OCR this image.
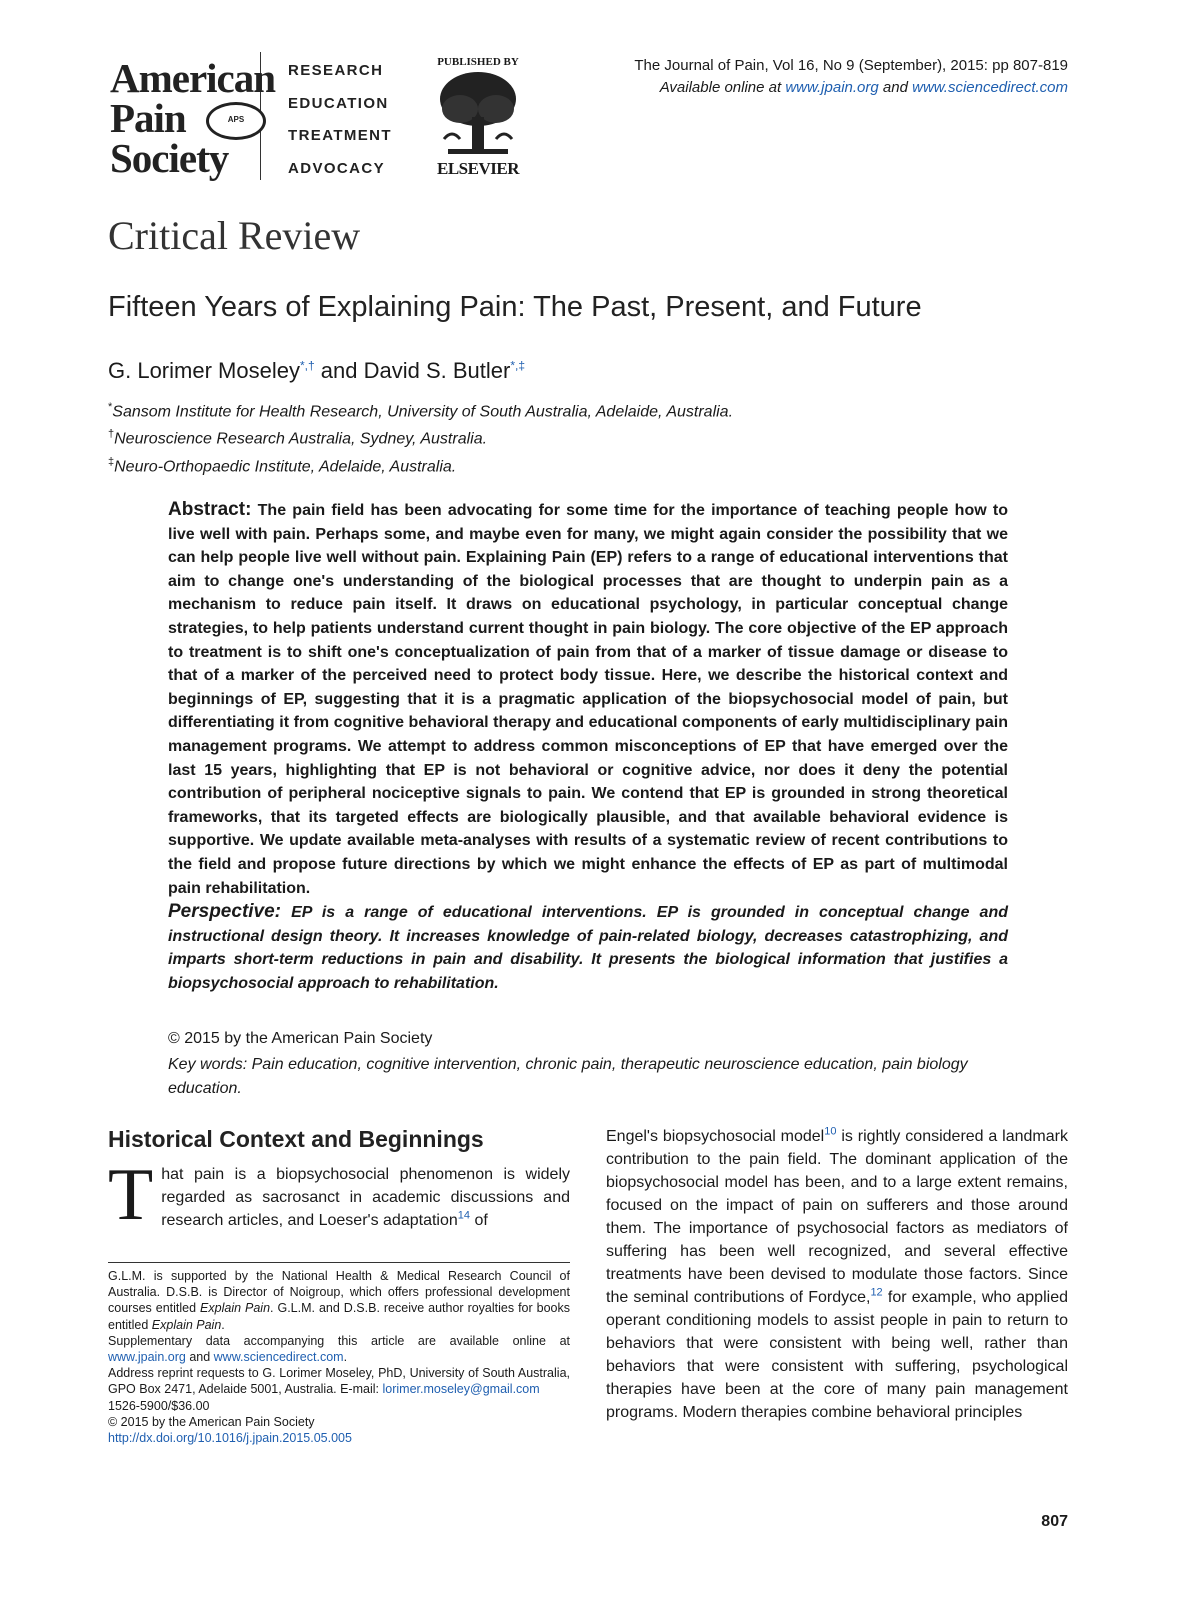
American
Pain
Society
APS
RESEARCH
EDUCATION
TREATMENT
ADVOCACY
PUBLISHED BY
ELSEVIER
The Journal of Pain, Vol 16, No 9 (September), 2015: pp 807-819
Available online at www.jpain.org and www.sciencedirect.com
Critical Review
Fifteen Years of Explaining Pain: The Past, Present, and Future
G. Lorimer Moseley*,† and David S. Butler*,‡
*Sansom Institute for Health Research, University of South Australia, Adelaide, Australia.
†Neuroscience Research Australia, Sydney, Australia.
‡Neuro-Orthopaedic Institute, Adelaide, Australia.
Abstract: The pain field has been advocating for some time for the importance of teaching people how to live well with pain. Perhaps some, and maybe even for many, we might again consider the possibility that we can help people live well without pain. Explaining Pain (EP) refers to a range of educational interventions that aim to change one's understanding of the biological processes that are thought to underpin pain as a mechanism to reduce pain itself. It draws on educational psychology, in particular conceptual change strategies, to help patients understand current thought in pain biology. The core objective of the EP approach to treatment is to shift one's conceptualization of pain from that of a marker of tissue damage or disease to that of a marker of the perceived need to protect body tissue. Here, we describe the historical context and beginnings of EP, suggesting that it is a pragmatic application of the biopsychosocial model of pain, but differentiating it from cognitive behavioral therapy and educational components of early multidisciplinary pain management programs. We attempt to address common misconceptions of EP that have emerged over the last 15 years, highlighting that EP is not behavioral or cognitive advice, nor does it deny the potential contribution of peripheral nociceptive signals to pain. We contend that EP is grounded in strong theoretical frameworks, that its targeted effects are biologically plausible, and that available behavioral evidence is supportive. We update available meta-analyses with results of a systematic review of recent contributions to the field and propose future directions by which we might enhance the effects of EP as part of multimodal pain rehabilitation.
Perspective: EP is a range of educational interventions. EP is grounded in conceptual change and instructional design theory. It increases knowledge of pain-related biology, decreases catastrophizing, and imparts short-term reductions in pain and disability. It presents the biological information that justifies a biopsychosocial approach to rehabilitation.
© 2015 by the American Pain Society
Key words: Pain education, cognitive intervention, chronic pain, therapeutic neuroscience education, pain biology education.
Historical Context and Beginnings
That pain is a biopsychosocial phenomenon is widely regarded as sacrosanct in academic discussions and research articles, and Loeser's adaptation$^{14}$ of

G.L.M. is supported by the National Health & Medical Research Council of Australia. D.S.B. is Director of Noigroup, which offers professional development courses entitled Explain Pain. G.L.M. and D.S.B. receive author royalties for books entitled Explain Pain.

Supplementary data accompanying this article are available online at www.jpain.org and www.sciencedirect.com.

Address reprint requests to G. Lorimer Moseley, PhD, University of South Australia, GPO Box 2471, Adelaide 5001, Australia. E-mail: lorimer.moseley@gmail.com

1526-5900/$36.00

© 2015 by the American Pain Society

http://dx.doi.org/10.1016/j.jpain.2015.05.005

Engel's biopsychosocial model$^{10}$ is rightly considered a landmark contribution to the pain field. The dominant application of the biopsychosocial model has been, and to a large extent remains, focused on the impact of pain on sufferers and those around them. The importance of psychosocial factors as mediators of suffering has been well recognized, and several effective treatments have been devised to modulate those factors. Since the seminal contributions of Fordyce,$^{12}$ for example, who applied operant conditioning models to assist people in pain to return to behaviors that were consistent with being well, rather than behaviors that were consistent with suffering, psychological therapies have been at the core of many pain management programs. Modern therapies combine behavioral principles
807
